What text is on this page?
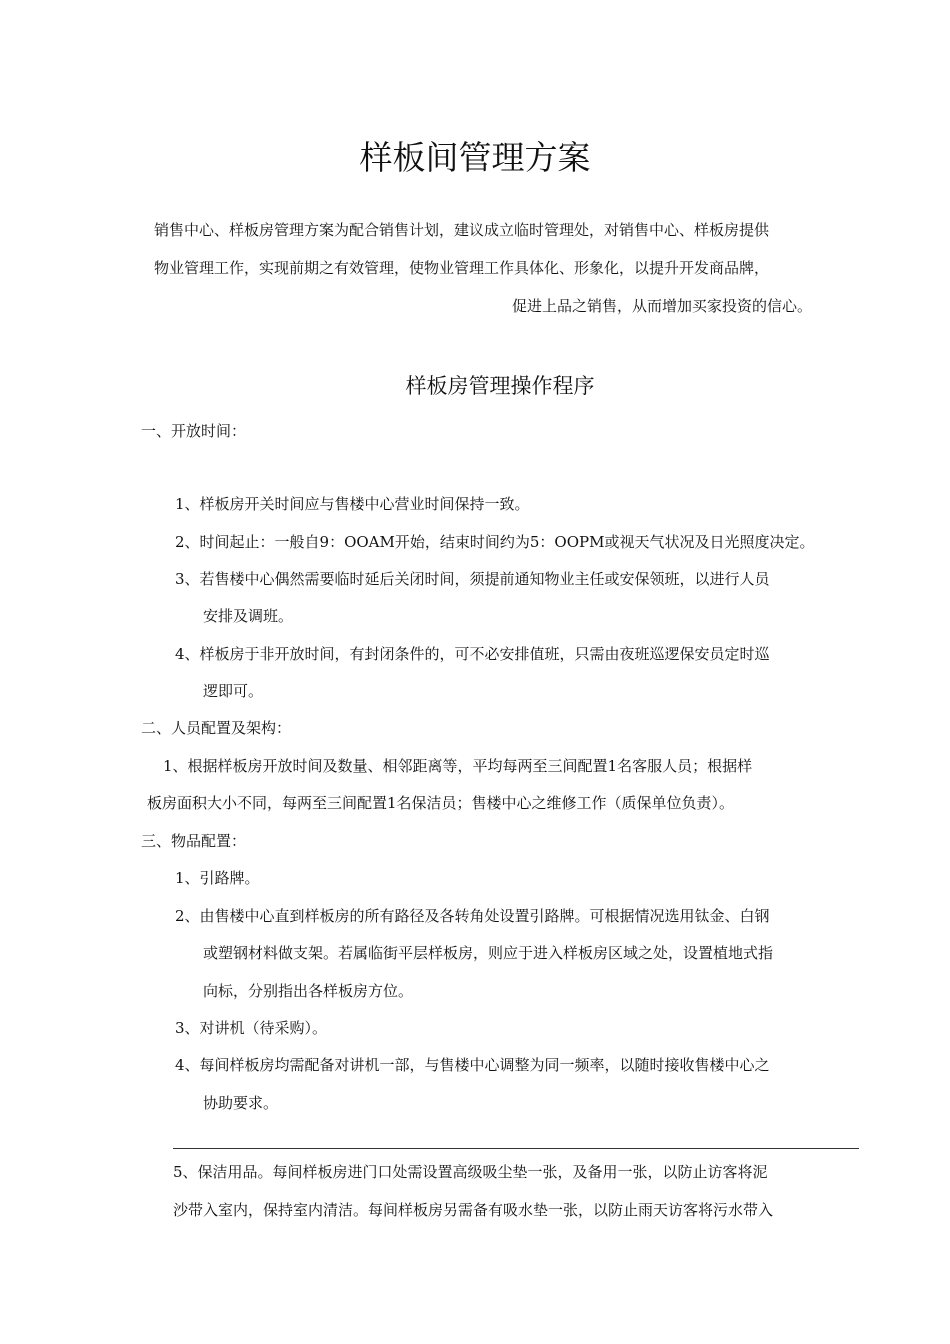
样板间管理方案
销售中心、样板房管理方案为配合销售计划，建议成立临时管理处，对销售中心、样板房提供
物业管理工作，实现前期之有效管理，使物业管理工作具体化、形象化，以提升开发商品牌，
促进上品之销售，从而增加买家投资的信心。
样板房管理操作程序
一、开放时间：
1、样板房开关时间应与售楼中心营业时间保持一致。
2、时间起止：一般自9：OOAM开始，结束时间约为5：OOPM或视天气状况及日光照度决定。
3、若售楼中心偶然需要临时延后关闭时间，须提前通知物业主任或安保领班，以进行人员
安排及调班。
4、样板房于非开放时间，有封闭条件的，可不必安排值班，只需由夜班巡逻保安员定时巡
逻即可。
二、人员配置及架构：
1、根据样板房开放时间及数量、相邻距离等，平均每两至三间配置1名客服人员；根据样
板房面积大小不同，每两至三间配置1名保洁员；售楼中心之维修工作（质保单位负责）。
三、物品配置：
1、引路牌。
2、由售楼中心直到样板房的所有路径及各转角处设置引路牌。可根据情况选用钛金、白钢
或塑钢材料做支架。若属临街平层样板房，则应于进入样板房区域之处，设置植地式指
向标，分别指出各样板房方位。
3、对讲机（待采购）。
4、每间样板房均需配备对讲机一部，与售楼中心调整为同一频率，以随时接收售楼中心之
协助要求。
5、保洁用品。每间样板房进门口处需设置高级吸尘垫一张，及备用一张，以防止访客将泥
沙带入室内，保持室内清洁。每间样板房另需备有吸水垫一张，以防止雨天访客将污水带入
